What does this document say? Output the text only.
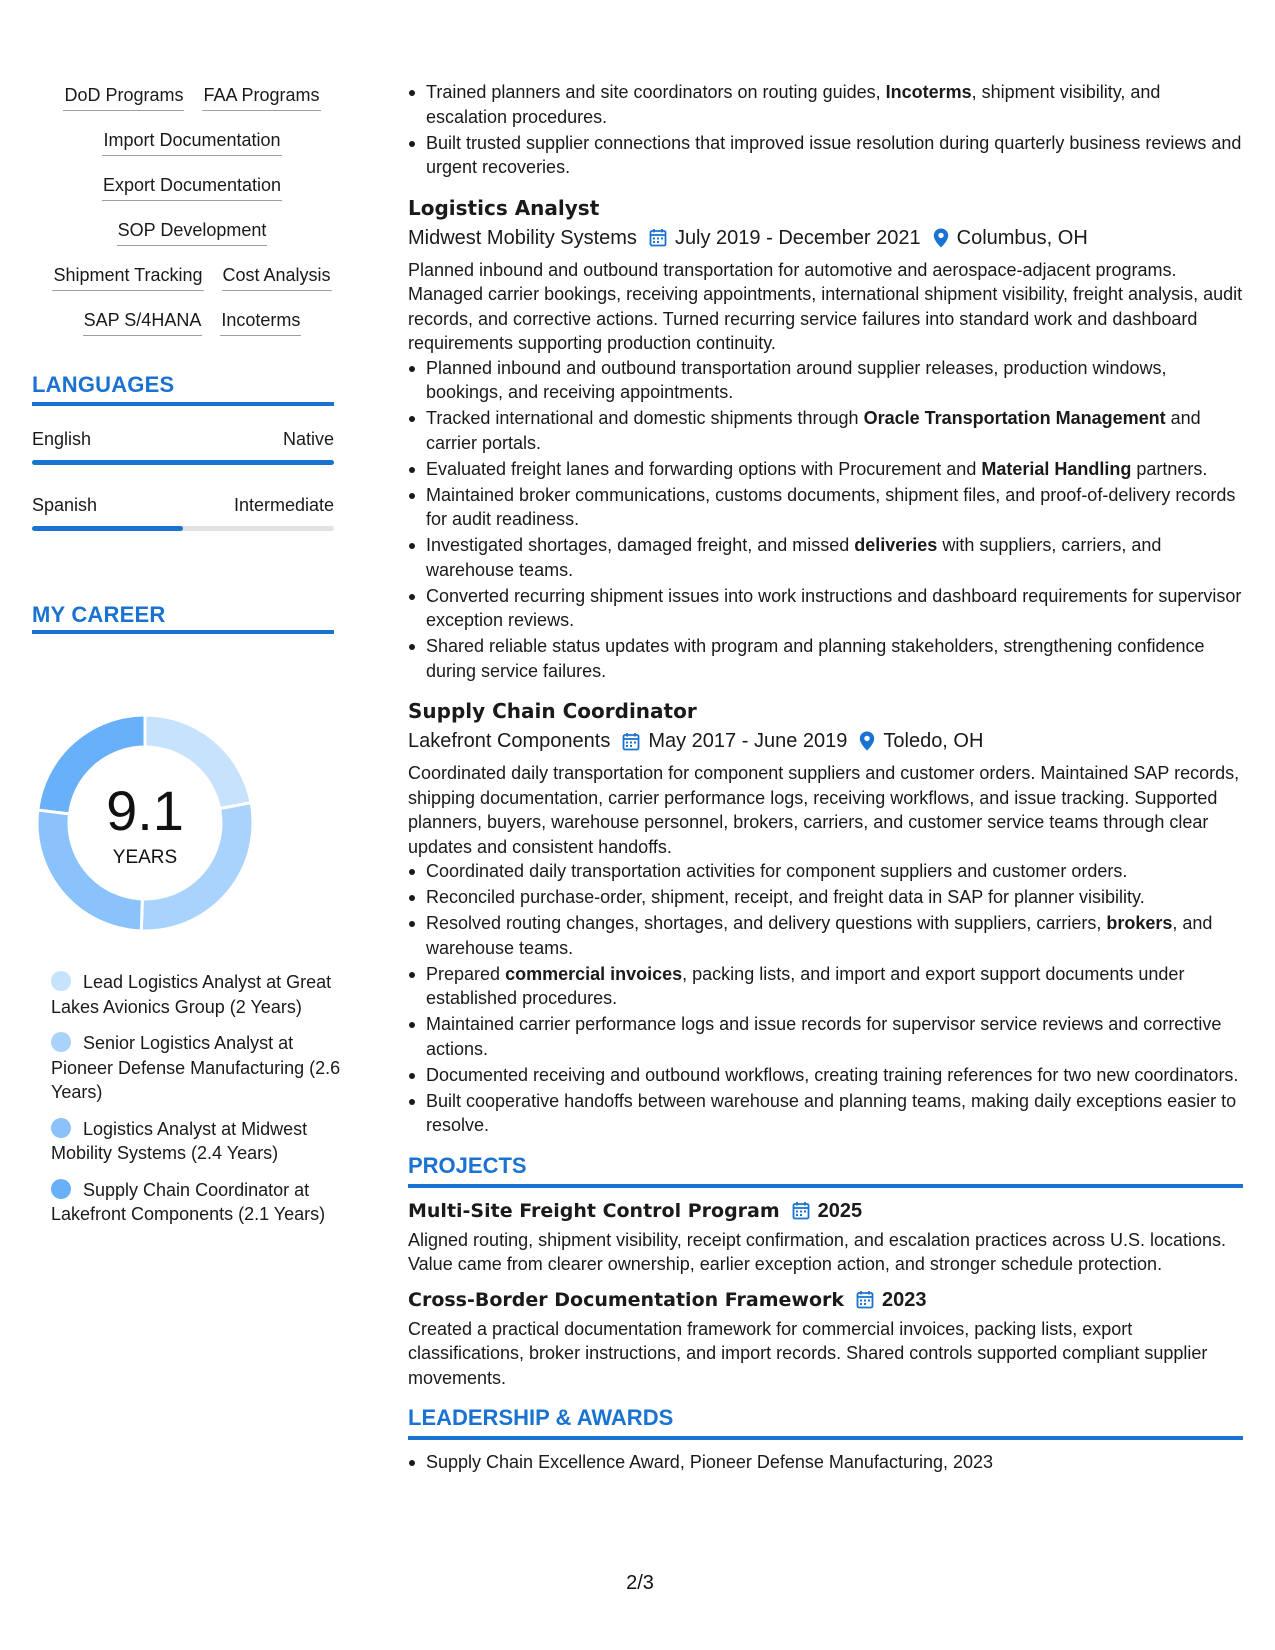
DoD Programs FAA Programs
Import Documentation
Export Documentation
SOP Development
Shipment Tracking Cost Analysis
SAP S/4HANA Incoterms
LANGUAGES
English	Native
Spanish	Intermediate
MY CAREER
9.1
YEARS
Lead Logistics Analyst at Great Lakes Avionics Group (2 Years)
Senior Logistics Analyst at Pioneer Defense Manufacturing (2.6 Years)
Logistics Analyst at Midwest Mobility Systems (2.4 Years)
Supply Chain Coordinator at Lakefront Components (2.1 Years)
Trained planners and site coordinators on routing guides, Incoterms, shipment visibility, and escalation procedures.
Built trusted supplier connections that improved issue resolution during quarterly business reviews and urgent recoveries.
Logistics Analyst
Midwest Mobility Systems July 2019 - December 2021 Columbus, OH
Planned inbound and outbound transportation for automotive and aerospace-adjacent programs. Managed carrier bookings, receiving appointments, international shipment visibility, freight analysis, audit records, and corrective actions. Turned recurring service failures into standard work and dashboard requirements supporting production continuity.
Planned inbound and outbound transportation around supplier releases, production windows, bookings, and receiving appointments.
Tracked international and domestic shipments through Oracle Transportation Management and carrier portals.
Evaluated freight lanes and forwarding options with Procurement and Material Handling partners.
Maintained broker communications, customs documents, shipment files, and proof-of-delivery records for audit readiness.
Investigated shortages, damaged freight, and missed deliveries with suppliers, carriers, and warehouse teams.
Converted recurring shipment issues into work instructions and dashboard requirements for supervisor exception reviews.
Shared reliable status updates with program and planning stakeholders, strengthening confidence during service failures.
Supply Chain Coordinator
Lakefront Components May 2017 - June 2019 Toledo, OH
Coordinated daily transportation for component suppliers and customer orders. Maintained SAP records, shipping documentation, carrier performance logs, receiving workflows, and issue tracking. Supported planners, buyers, warehouse personnel, brokers, carriers, and customer service teams through clear updates and consistent handoffs.
Coordinated daily transportation activities for component suppliers and customer orders.
Reconciled purchase-order, shipment, receipt, and freight data in SAP for planner visibility.
Resolved routing changes, shortages, and delivery questions with suppliers, carriers, brokers, and warehouse teams.
Prepared commercial invoices, packing lists, and import and export support documents under established procedures.
Maintained carrier performance logs and issue records for supervisor service reviews and corrective actions.
Documented receiving and outbound workflows, creating training references for two new coordinators.
Built cooperative handoffs between warehouse and planning teams, making daily exceptions easier to resolve.
PROJECTS
Multi-Site Freight Control Program 2025
Aligned routing, shipment visibility, receipt confirmation, and escalation practices across U.S. locations. Value came from clearer ownership, earlier exception action, and stronger schedule protection.
Cross-Border Documentation Framework 2023
Created a practical documentation framework for commercial invoices, packing lists, export classifications, broker instructions, and import records. Shared controls supported compliant supplier movements.
LEADERSHIP & AWARDS
Supply Chain Excellence Award, Pioneer Defense Manufacturing, 2023
2/3
